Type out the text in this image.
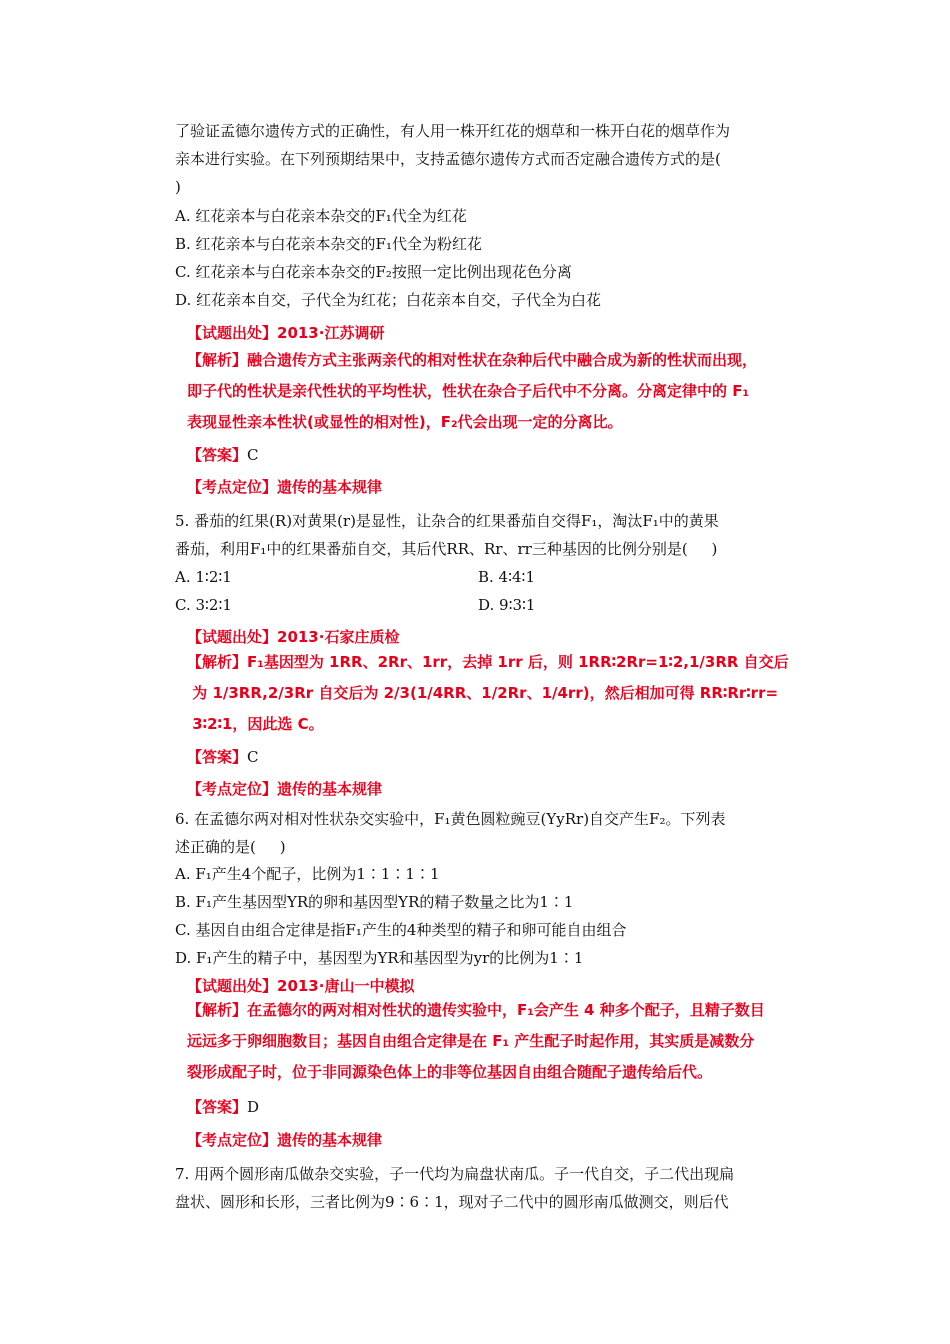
了验证孟德尔遗传方式的正确性，有人用一株开红花的烟草和一株开白花的烟草作为
亲本进行实验。在下列预期结果中，支持孟德尔遗传方式而否定融合遗传方式的是(
)
A. 红花亲本与白花亲本杂交的F₁代全为红花
B. 红花亲本与白花亲本杂交的F₁代全为粉红花
C. 红花亲本与白花亲本杂交的F₂按照一定比例出现花色分离
D. 红花亲本自交，子代全为红花；白花亲本自交，子代全为白花
【试题出处】2013·江苏调研
【解析】融合遗传方式主张两亲代的相对性状在杂种后代中融合成为新的性状而出现，
即子代的性状是亲代性状的平均性状，性状在杂合子后代中不分离。分离定律中的 F₁
表现显性亲本性状(或显性的相对性)，F₂代会出现一定的分离比。
【答案】C
【考点定位】遗传的基本规律
5. 番茄的红果(R)对黄果(r)是显性，让杂合的红果番茄自交得F₁，淘汰F₁中的黄果
番茄，利用F₁中的红果番茄自交，其后代RR、Rr、rr三种基因的比例分别是(     )
A. 1∶2∶1	B. 4∶4∶1
C. 3∶2∶1	D. 9∶3∶1
【试题出处】2013·石家庄质检
【解析】F₁基因型为 1RR、2Rr、1rr，去掉 1rr 后，则 1RR∶2Rr=1∶2,1/3RR 自交后
为 1/3RR,2/3Rr 自交后为 2/3(1/4RR、1/2Rr、1/4rr)，然后相加可得 RR∶Rr∶rr=
3∶2∶1，因此选 C。
【答案】C
【考点定位】遗传的基本规律
6. 在孟德尔两对相对性状杂交实验中，F₁黄色圆粒豌豆(YyRr)自交产生F₂。下列表
述正确的是(     )
A. F₁产生4个配子，比例为1∶1∶1∶1
B. F₁产生基因型YR的卵和基因型YR的精子数量之比为1∶1
C. 基因自由组合定律是指F₁产生的4种类型的精子和卵可能自由组合
D. F₁产生的精子中，基因型为YR和基因型为yr的比例为1∶1
【试题出处】2013·唐山一中模拟
【解析】在孟德尔的两对相对性状的遗传实验中，F₁会产生 4 种多个配子，且精子数目
远远多于卵细胞数目；基因自由组合定律是在 F₁ 产生配子时起作用，其实质是减数分
裂形成配子时，位于非同源染色体上的非等位基因自由组合随配子遗传给后代。
【答案】D
【考点定位】遗传的基本规律
7. 用两个圆形南瓜做杂交实验，子一代均为扁盘状南瓜。子一代自交，子二代出现扁
盘状、圆形和长形，三者比例为9∶6∶1，现对子二代中的圆形南瓜做测交，则后代
